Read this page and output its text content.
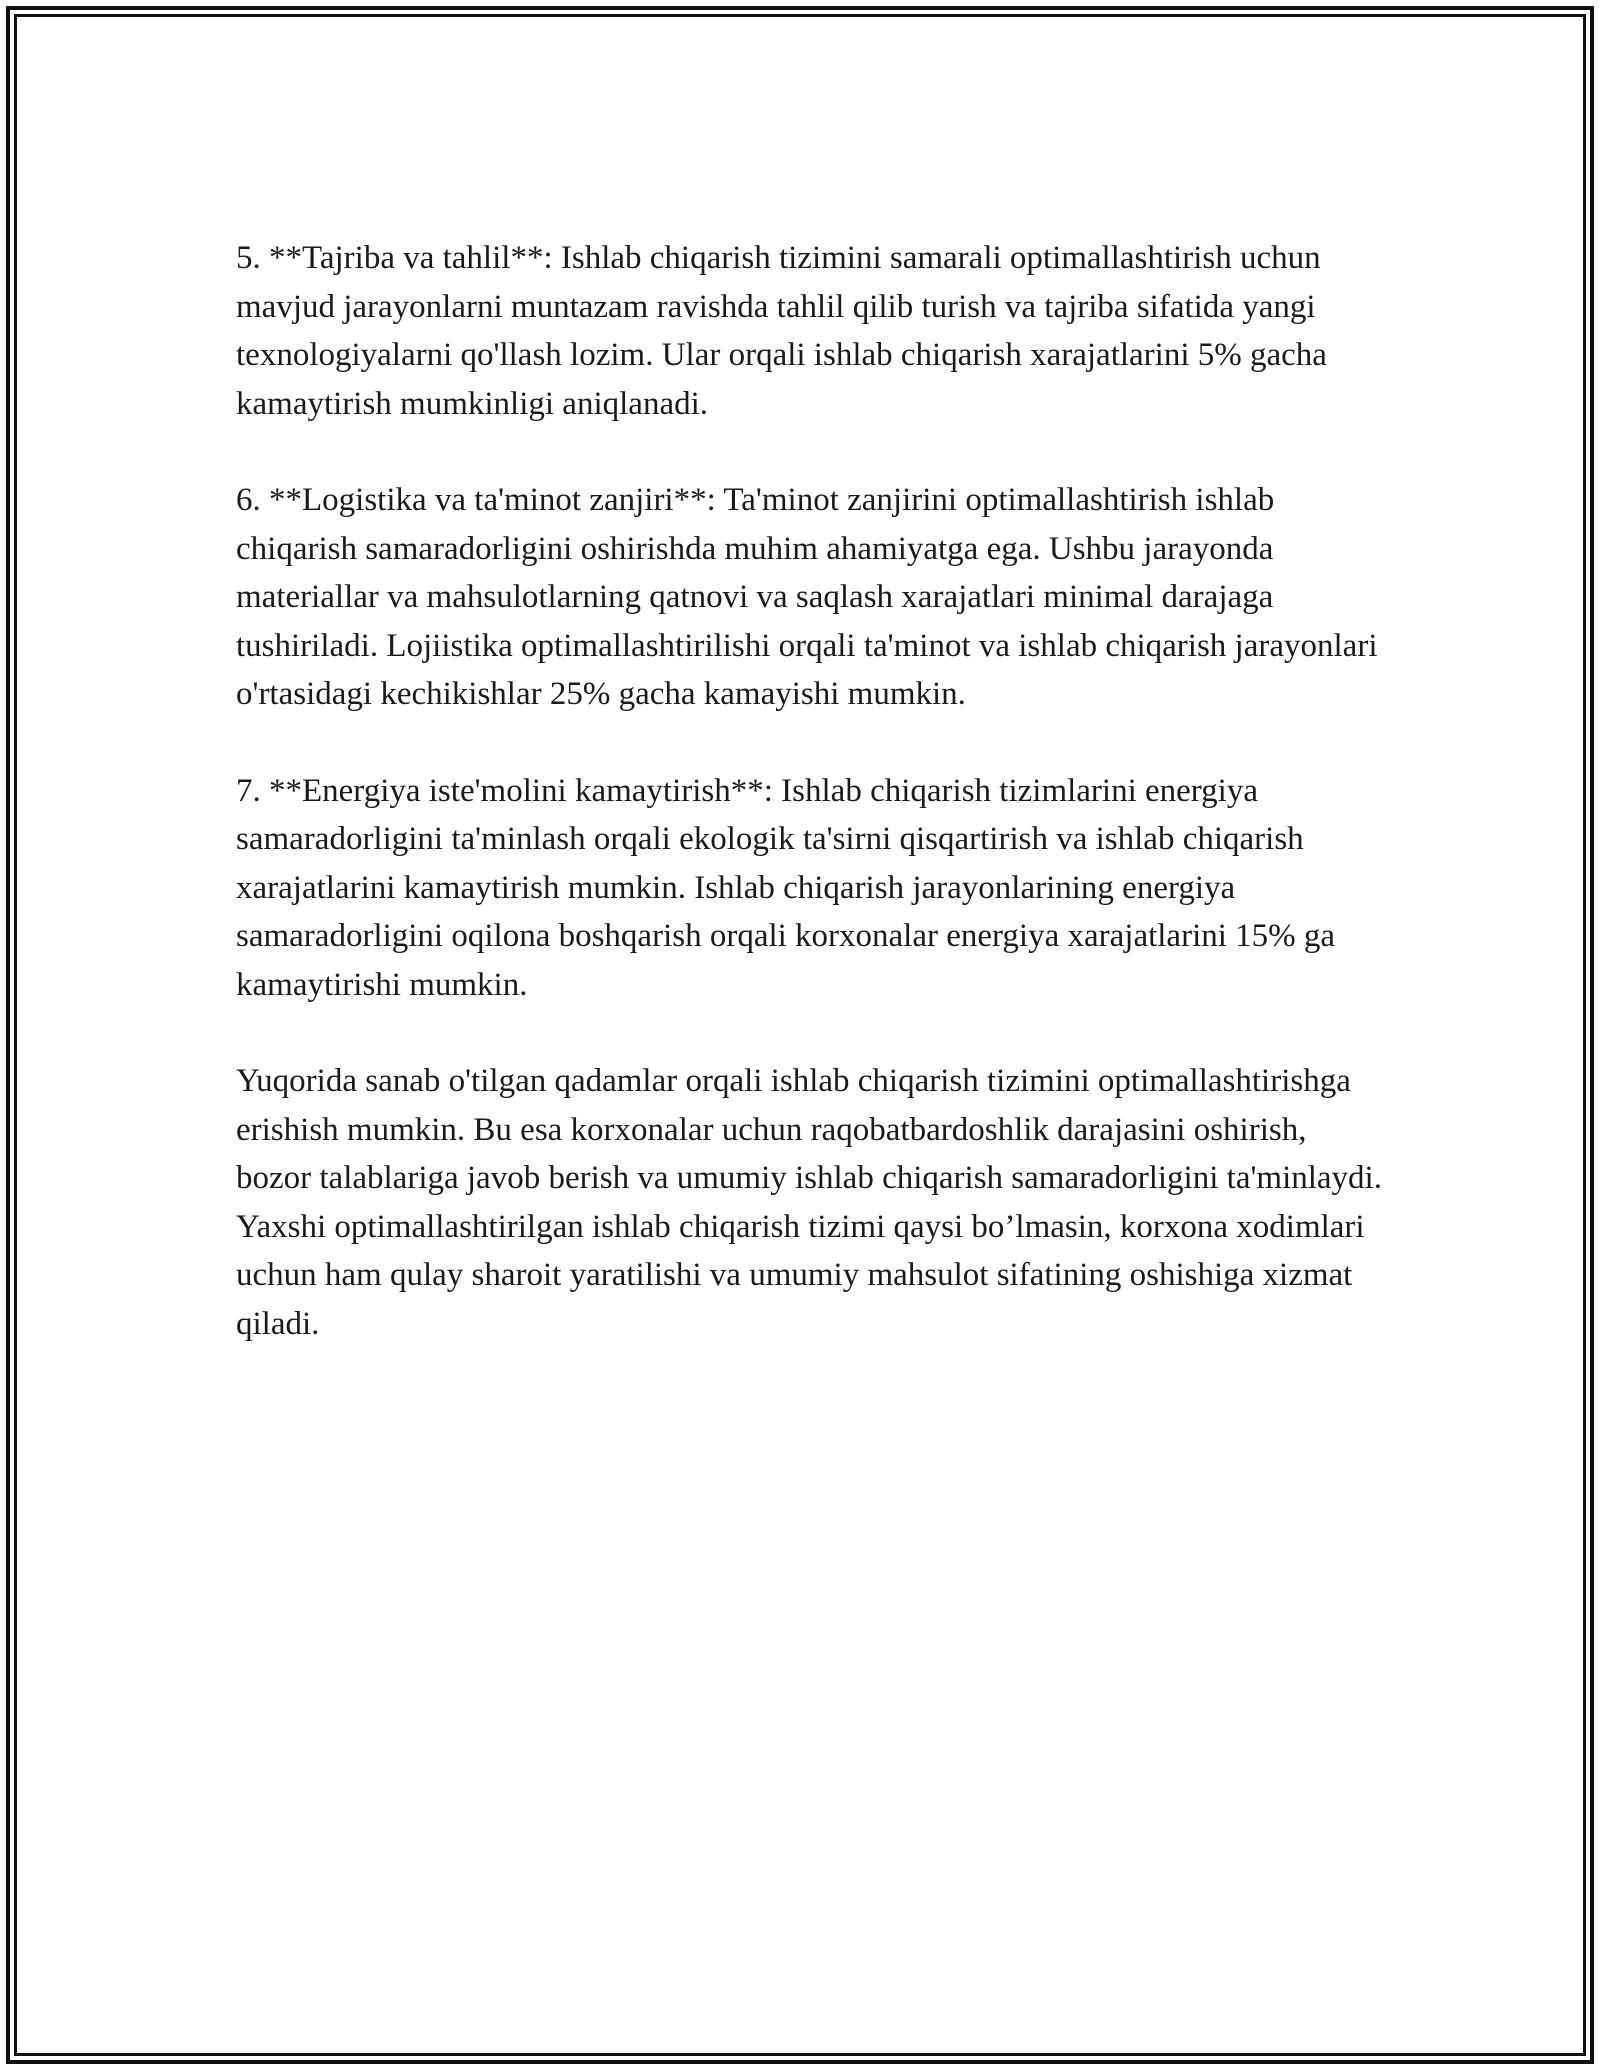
5. **Tajriba va tahlil**: Ishlab chiqarish tizimini samarali optimallashtirish uchun mavjud jarayonlarni muntazam ravishda tahlil qilib turish va tajriba sifatida yangi texnologiyalarni qo'llash lozim. Ular orqali ishlab chiqarish xarajatlarini 5% gacha kamaytirish mumkinligi aniqlanadi.

6. **Logistika va ta'minot zanjiri**: Ta'minot zanjirini optimallashtirish ishlab chiqarish samaradorligini oshirishda muhim ahamiyatga ega. Ushbu jarayonda materiallar va mahsulotlarning qatnovi va saqlash xarajatlari minimal darajaga tushiriladi. Lojiistika optimallashtirilishi orqali ta'minot va ishlab chiqarish jarayonlari o'rtasidagi kechikishlar 25% gacha kamayishi mumkin.

7. **Energiya iste'molini kamaytirish**: Ishlab chiqarish tizimlarini energiya samaradorligini ta'minlash orqali ekologik ta'sirni qisqartirish va ishlab chiqarish xarajatlarini kamaytirish mumkin. Ishlab chiqarish jarayonlarining energiya samaradorligini oqilona boshqarish orqali korxonalar energiya xarajatlarini 15% ga kamaytirishi mumkin.

Yuqorida sanab o'tilgan qadamlar orqali ishlab chiqarish tizimini optimallashtirishga erishish mumkin. Bu esa korxonalar uchun raqobatbardoshlik darajasini oshirish, bozor talablariga javob berish va umumiy ishlab chiqarish samaradorligini ta'minlaydi. Yaxshi optimallashtirilgan ishlab chiqarish tizimi qaysi bo’lmasin, korxona xodimlari uchun ham qulay sharoit yaratilishi va umumiy mahsulot sifatining oshishiga xizmat qiladi.
